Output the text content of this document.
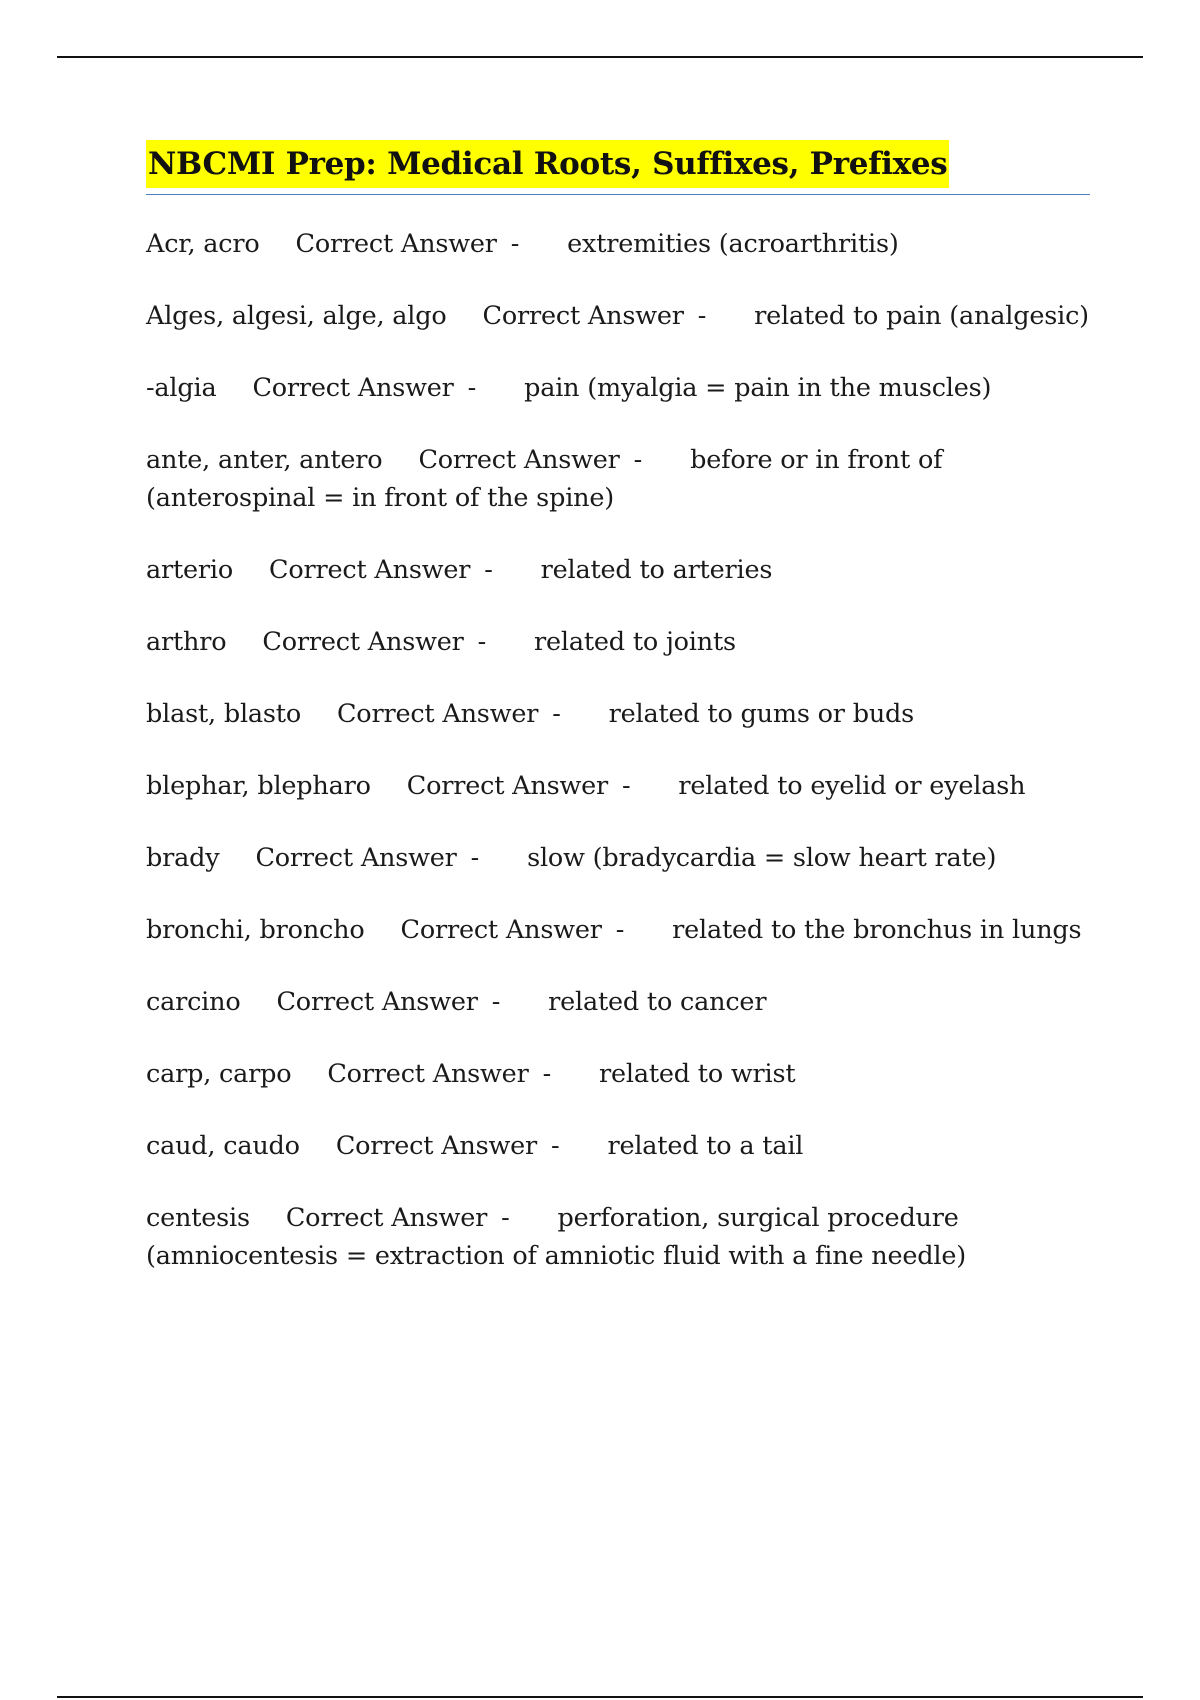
NBCMI Prep: Medical Roots, Suffixes, Prefixes

Acr, acro Correct Answer - extremities (acroarthritis)

Alges, algesi, alge, algo Correct Answer - related to pain (analgesic)

-algia Correct Answer - pain (myalgia = pain in the muscles)

ante, anter, antero Correct Answer - before or in front of (anterospinal = in front of the spine)

arterio Correct Answer - related to arteries

arthro Correct Answer - related to joints

blast, blasto Correct Answer - related to gums or buds

blephar, blepharo Correct Answer - related to eyelid or eyelash

brady Correct Answer - slow (bradycardia = slow heart rate)

bronchi, broncho Correct Answer - related to the bronchus in lungs

carcino Correct Answer - related to cancer

carp, carpo Correct Answer - related to wrist

caud, caudo Correct Answer - related to a tail

centesis Correct Answer - perforation, surgical procedure (amniocentesis = extraction of amniotic fluid with a fine needle)
